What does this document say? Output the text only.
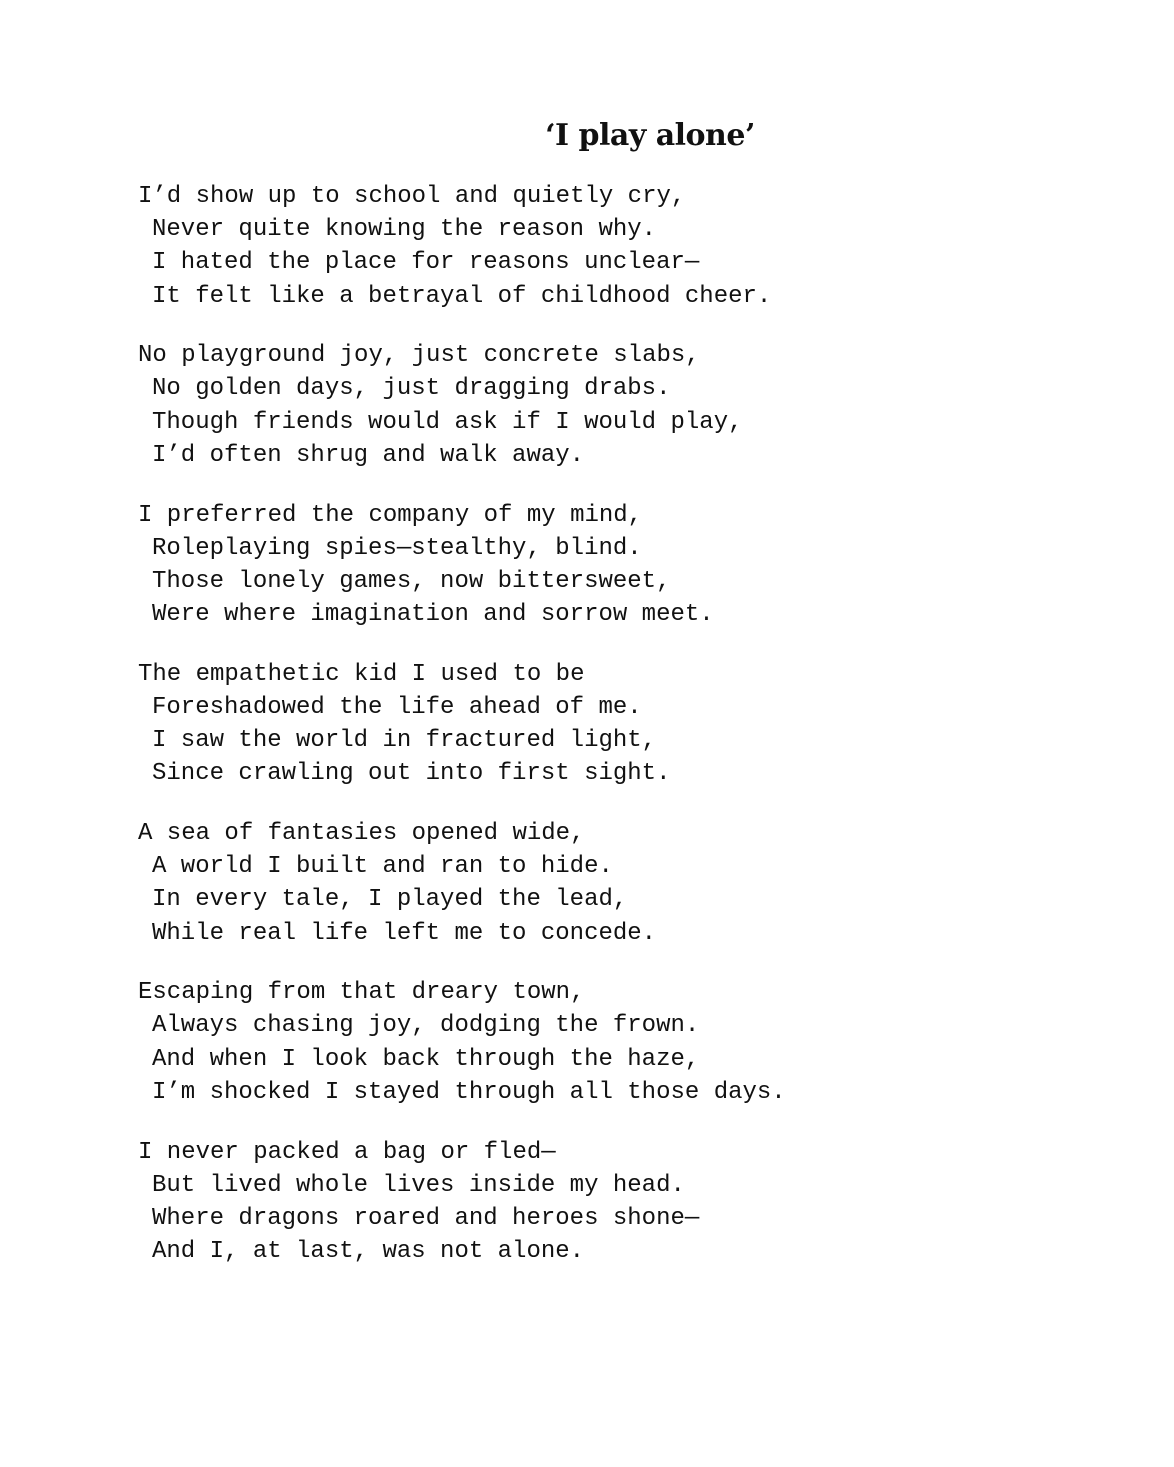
‘I play alone’
I’d show up to school and quietly cry,
Never quite knowing the reason why.
I hated the place for reasons unclear—
It felt like a betrayal of childhood cheer.
No playground joy, just concrete slabs,
No golden days, just dragging drabs.
Though friends would ask if I would play,
I’d often shrug and walk away.
I preferred the company of my mind,
Roleplaying spies—stealthy, blind.
Those lonely games, now bittersweet,
Were where imagination and sorrow meet.
The empathetic kid I used to be
Foreshadowed the life ahead of me.
I saw the world in fractured light,
Since crawling out into first sight.
A sea of fantasies opened wide,
A world I built and ran to hide.
In every tale, I played the lead,
While real life left me to concede.
Escaping from that dreary town,
Always chasing joy, dodging the frown.
And when I look back through the haze,
I’m shocked I stayed through all those days.
I never packed a bag or fled—
But lived whole lives inside my head.
Where dragons roared and heroes shone—
And I, at last, was not alone.
